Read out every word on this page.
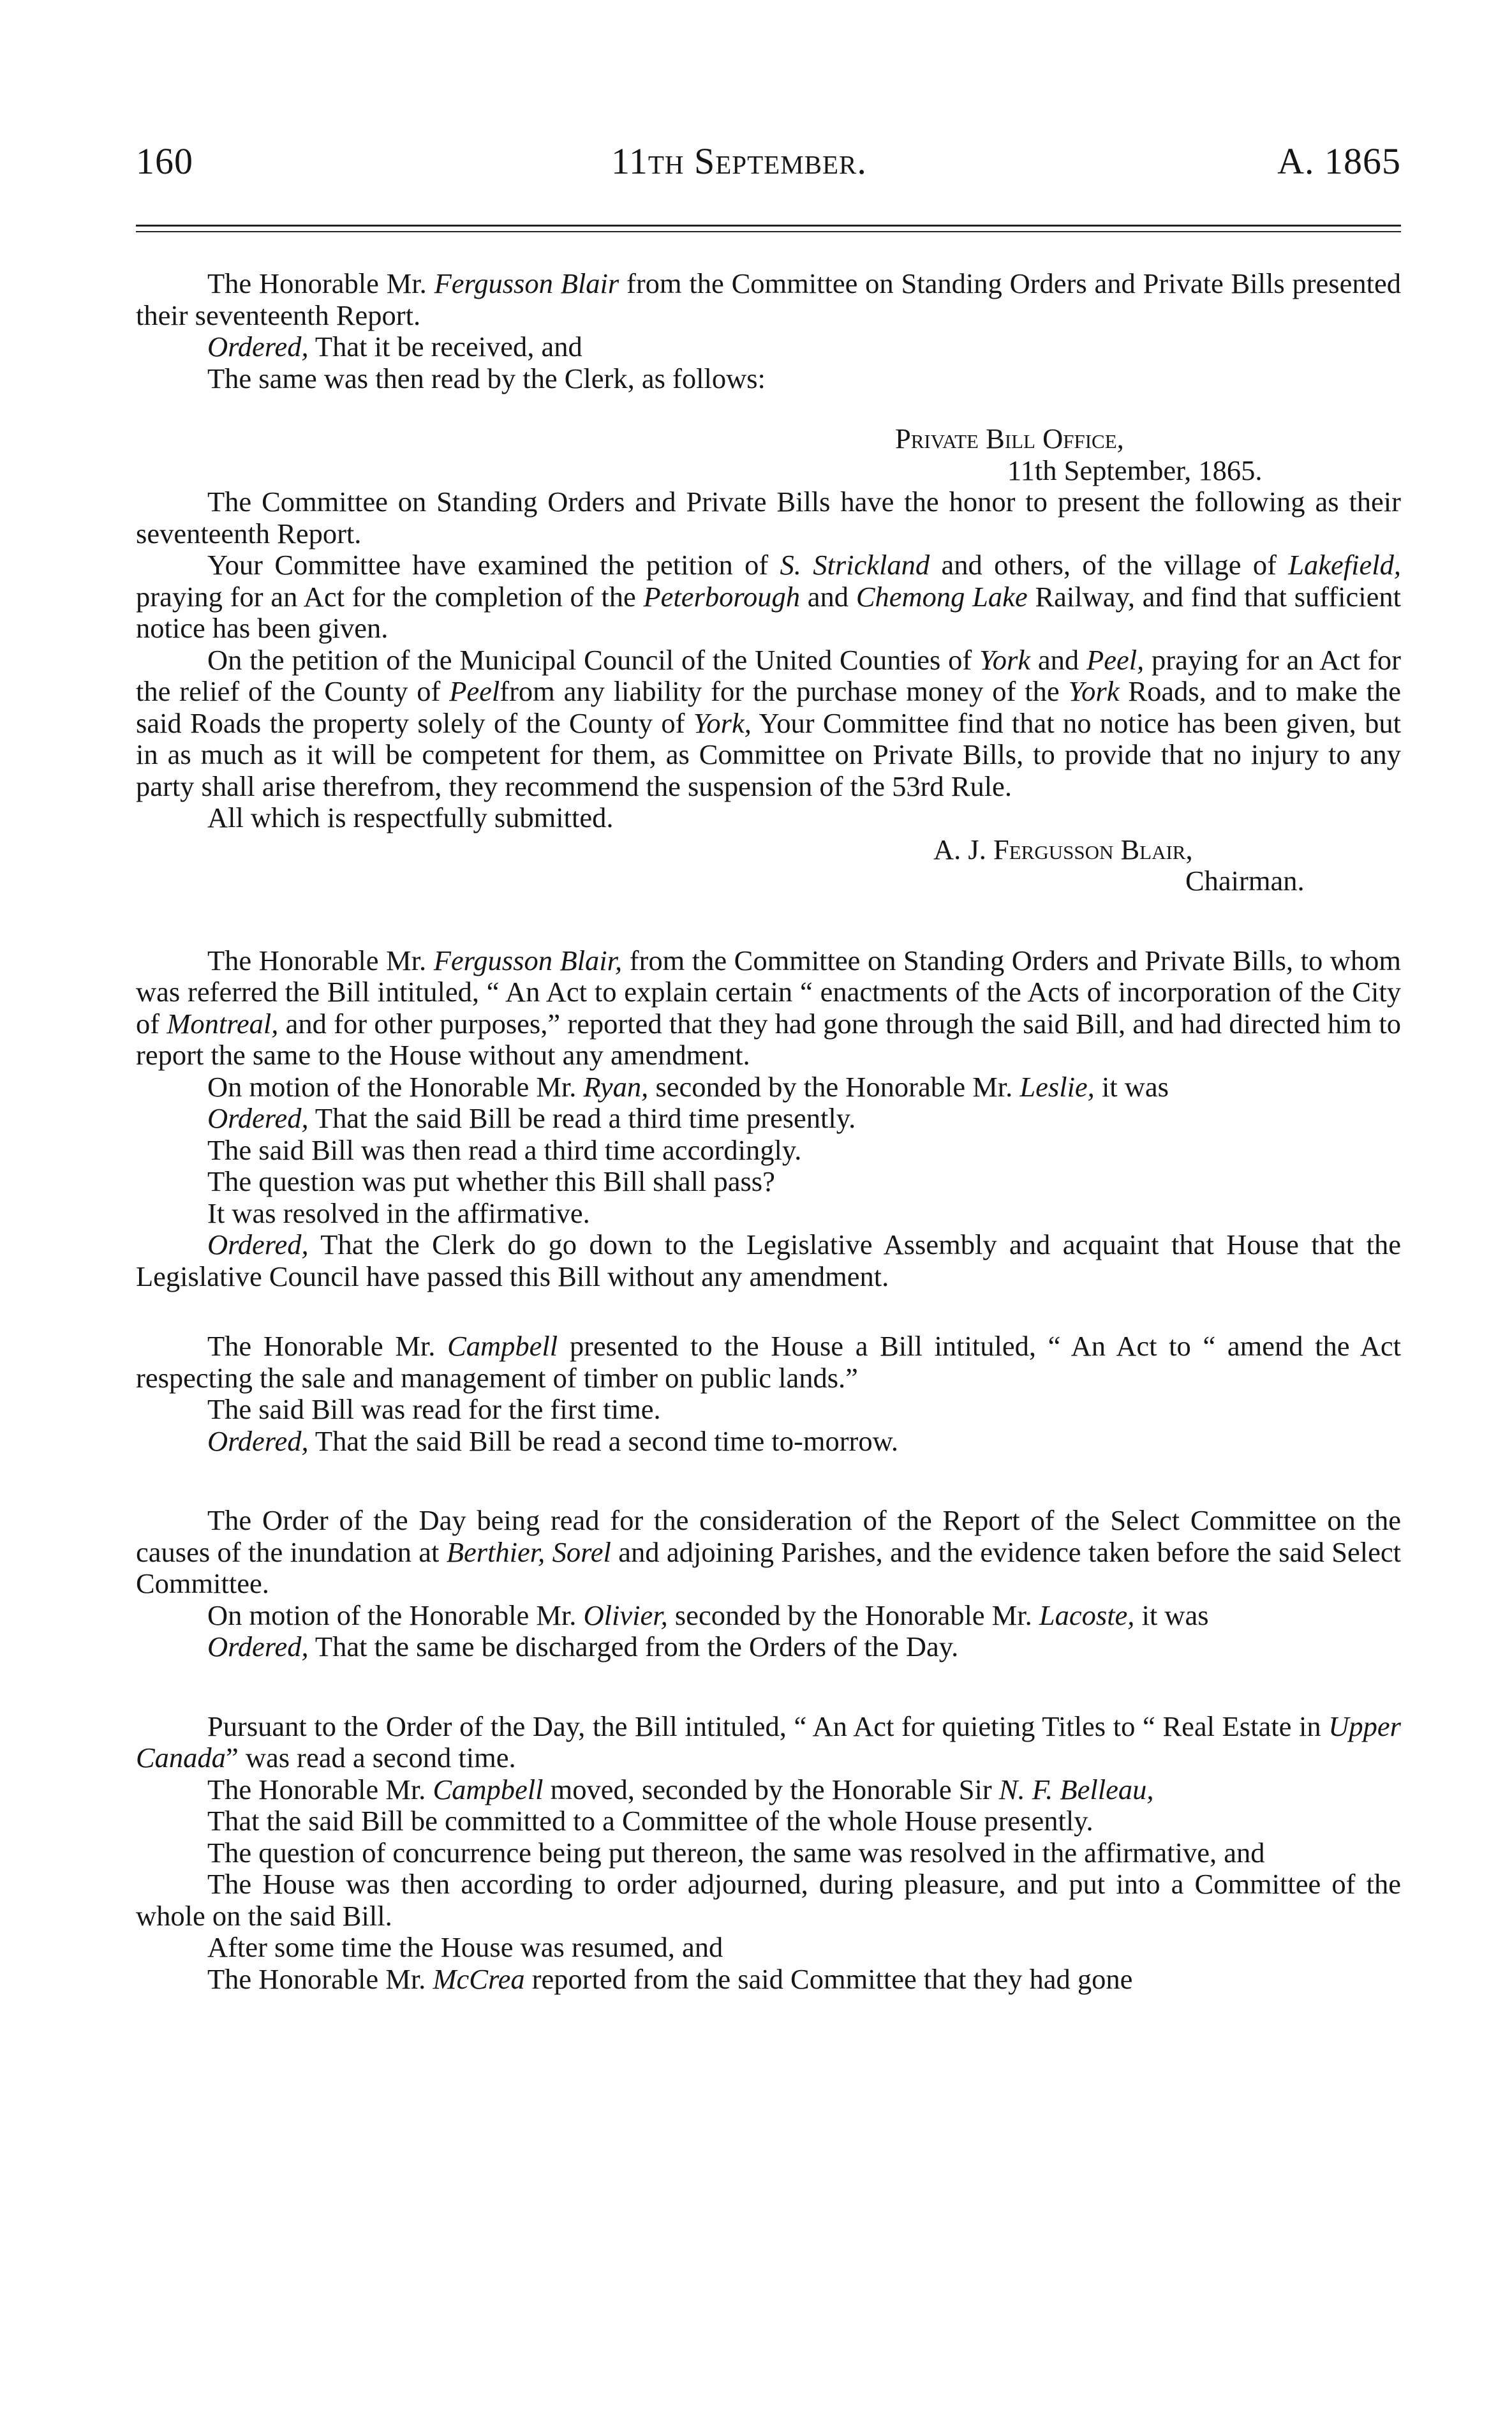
160	11th September.	A. 1865

The Honorable Mr. Fergusson Blair from the Committee on Standing Orders and Private Bills presented their seventeenth Report.

Ordered, That it be received, and

The same was then read by the Clerk, as follows:

Private Bill Office,

11th September, 1865.

The Committee on Standing Orders and Private Bills have the honor to present the following as their seventeenth Report.

Your Committee have examined the petition of S. Strickland and others, of the village of Lakefield, praying for an Act for the completion of the Peterborough and Chemong Lake Railway, and find that sufficient notice has been given.

On the petition of the Municipal Council of the United Counties of York and Peel, praying for an Act for the relief of the County of Peelfrom any liability for the purchase money of the York Roads, and to make the said Roads the property solely of the County of York, Your Committee find that no notice has been given, but in as much as it will be competent for them, as Committee on Private Bills, to provide that no injury to any party shall arise therefrom, they recommend the suspension of the 53rd Rule.

All which is respectfully submitted.

A. J. Fergusson Blair,

Chairman.

The Honorable Mr. Fergusson Blair, from the Committee on Standing Orders and Private Bills, to whom was referred the Bill intituled, “ An Act to explain certain “ enactments of the Acts of incorporation of the City of Montreal, and for other purposes,” reported that they had gone through the said Bill, and had directed him to report the same to the House without any amendment.

On motion of the Honorable Mr. Ryan, seconded by the Honorable Mr. Leslie, it was

Ordered, That the said Bill be read a third time presently.

The said Bill was then read a third time accordingly.

The question was put whether this Bill shall pass?

It was resolved in the affirmative.

Ordered, That the Clerk do go down to the Legislative Assembly and acquaint that House that the Legislative Council have passed this Bill without any amendment.

The Honorable Mr. Campbell presented to the House a Bill intituled, “ An Act to “ amend the Act respecting the sale and management of timber on public lands.”

The said Bill was read for the first time.

Ordered, That the said Bill be read a second time to-morrow.

The Order of the Day being read for the consideration of the Report of the Select Committee on the causes of the inundation at Berthier, Sorel and adjoining Parishes, and the evidence taken before the said Select Committee.

On motion of the Honorable Mr. Olivier, seconded by the Honorable Mr. Lacoste, it was

Ordered, That the same be discharged from the Orders of the Day.

Pursuant to the Order of the Day, the Bill intituled, “ An Act for quieting Titles to “ Real Estate in Upper Canada” was read a second time.

The Honorable Mr. Campbell moved, seconded by the Honorable Sir N. F. Belleau,

That the said Bill be committed to a Committee of the whole House presently.

The question of concurrence being put thereon, the same was resolved in the affirmative, and

The House was then according to order adjourned, during pleasure, and put into a Committee of the whole on the said Bill.

After some time the House was resumed, and

The Honorable Mr. McCrea reported from the said Committee that they had gone
